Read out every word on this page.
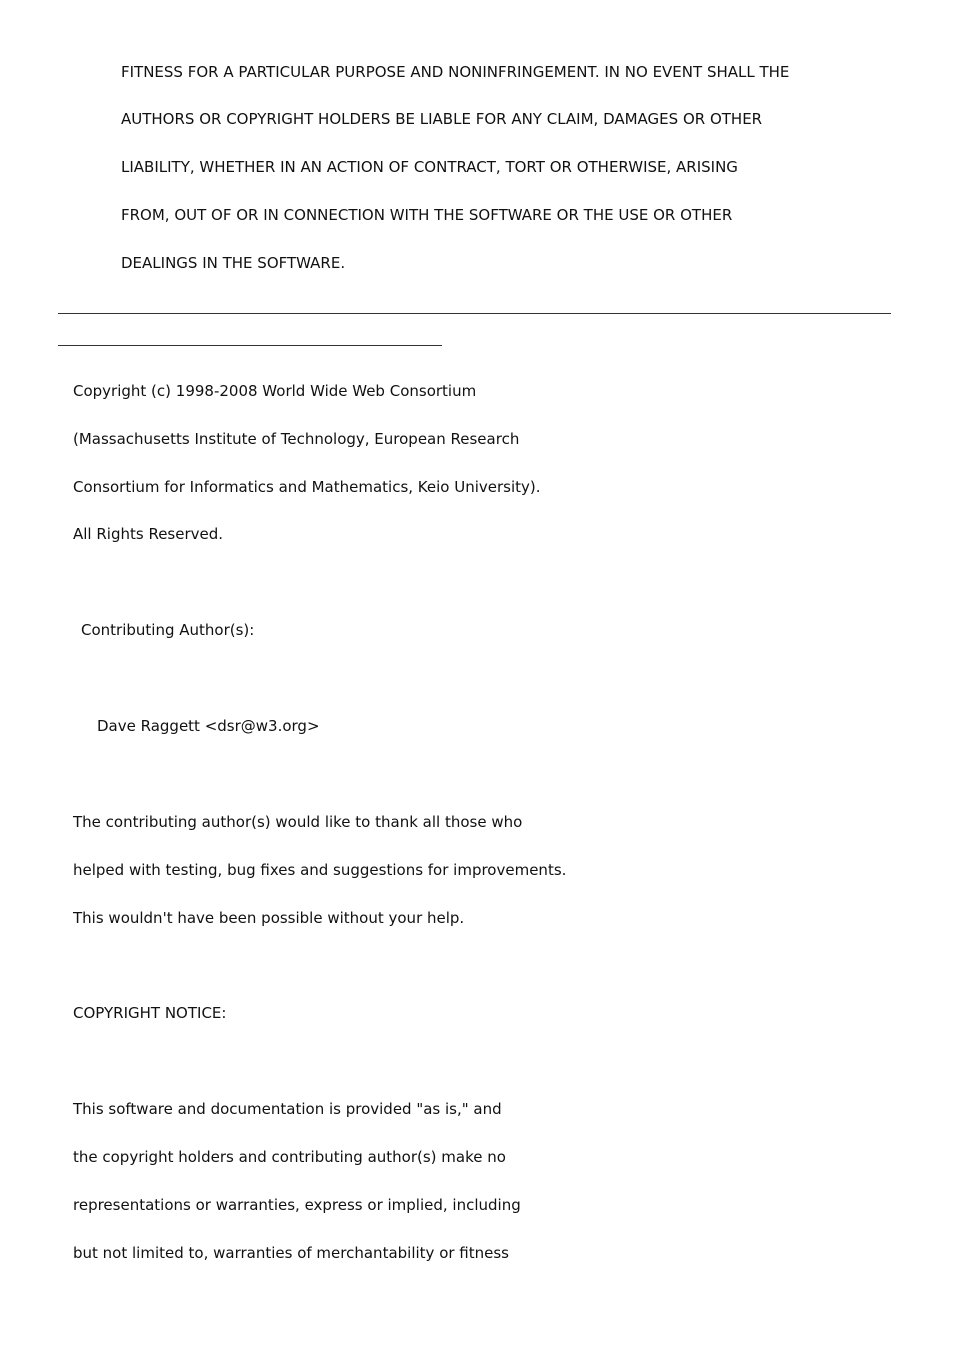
FITNESS FOR A PARTICULAR PURPOSE AND NONINFRINGEMENT. IN NO EVENT SHALL THE

AUTHORS OR COPYRIGHT HOLDERS BE LIABLE FOR ANY CLAIM, DAMAGES OR OTHER

LIABILITY, WHETHER IN AN ACTION OF CONTRACT, TORT OR OTHERWISE, ARISING

FROM, OUT OF OR IN CONNECTION WITH THE SOFTWARE OR THE USE OR OTHER

DEALINGS IN THE SOFTWARE.

Copyright (c) 1998-2008 World Wide Web Consortium

(Massachusetts Institute of Technology, European Research

Consortium for Informatics and Mathematics, Keio University).

All Rights Reserved.

Contributing Author(s):

Dave Raggett <dsr@w3.org>

The contributing author(s) would like to thank all those who

helped with testing, bug fixes and suggestions for improvements.

This wouldn't have been possible without your help.

COPYRIGHT NOTICE:

This software and documentation is provided "as is," and

the copyright holders and contributing author(s) make no

representations or warranties, express or implied, including

but not limited to, warranties of merchantability or fitness
